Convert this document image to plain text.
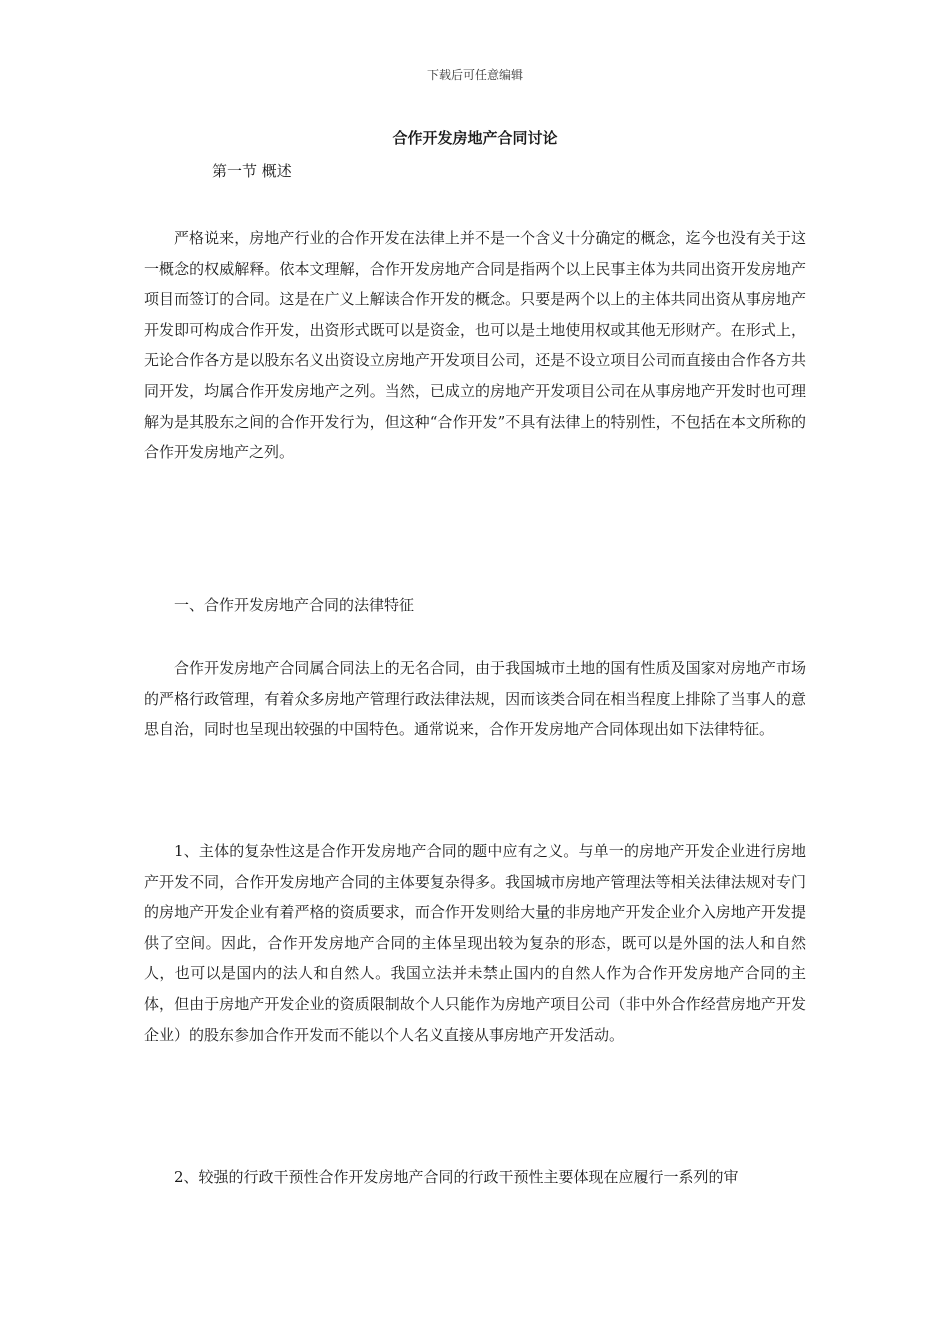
下载后可任意编辑
合作开发房地产合同讨论
第一节 概述

严格说来，房地产行业的合作开发在法律上并不是一个含义十分确定的概念，迄今也没有关于这一概念的权威解释。依本文理解，合作开发房地产合同是指两个以上民事主体为共同出资开发房地产项目而签订的合同。这是在广义上解读合作开发的概念。只要是两个以上的主体共同出资从事房地产开发即可构成合作开发，出资形式既可以是资金，也可以是土地使用权或其他无形财产。在形式上，无论合作各方是以股东名义出资设立房地产开发项目公司，还是不设立项目公司而直接由合作各方共同开发，均属合作开发房地产之列。当然，已成立的房地产开发项目公司在从事房地产开发时也可理解为是其股东之间的合作开发行为，但这种“合作开发”不具有法律上的特别性，不包括在本文所称的合作开发房地产之列。

一、合作开发房地产合同的法律特征

合作开发房地产合同属合同法上的无名合同，由于我国城市土地的国有性质及国家对房地产市场的严格行政管理，有着众多房地产管理行政法律法规，因而该类合同在相当程度上排除了当事人的意思自治，同时也呈现出较强的中国特色。通常说来，合作开发房地产合同体现出如下法律特征。

1、主体的复杂性这是合作开发房地产合同的题中应有之义。与单一的房地产开发企业进行房地产开发不同，合作开发房地产合同的主体要复杂得多。我国城市房地产管理法等相关法律法规对专门的房地产开发企业有着严格的资质要求，而合作开发则给大量的非房地产开发企业介入房地产开发提供了空间。因此，合作开发房地产合同的主体呈现出较为复杂的形态，既可以是外国的法人和自然人，也可以是国内的法人和自然人。我国立法并未禁止国内的自然人作为合作开发房地产合同的主体，但由于房地产开发企业的资质限制故个人只能作为房地产项目公司（非中外合作经营房地产开发企业）的股东参加合作开发而不能以个人名义直接从事房地产开发活动。

2、较强的行政干预性合作开发房地产合同的行政干预性主要体现在应履行一系列的审
